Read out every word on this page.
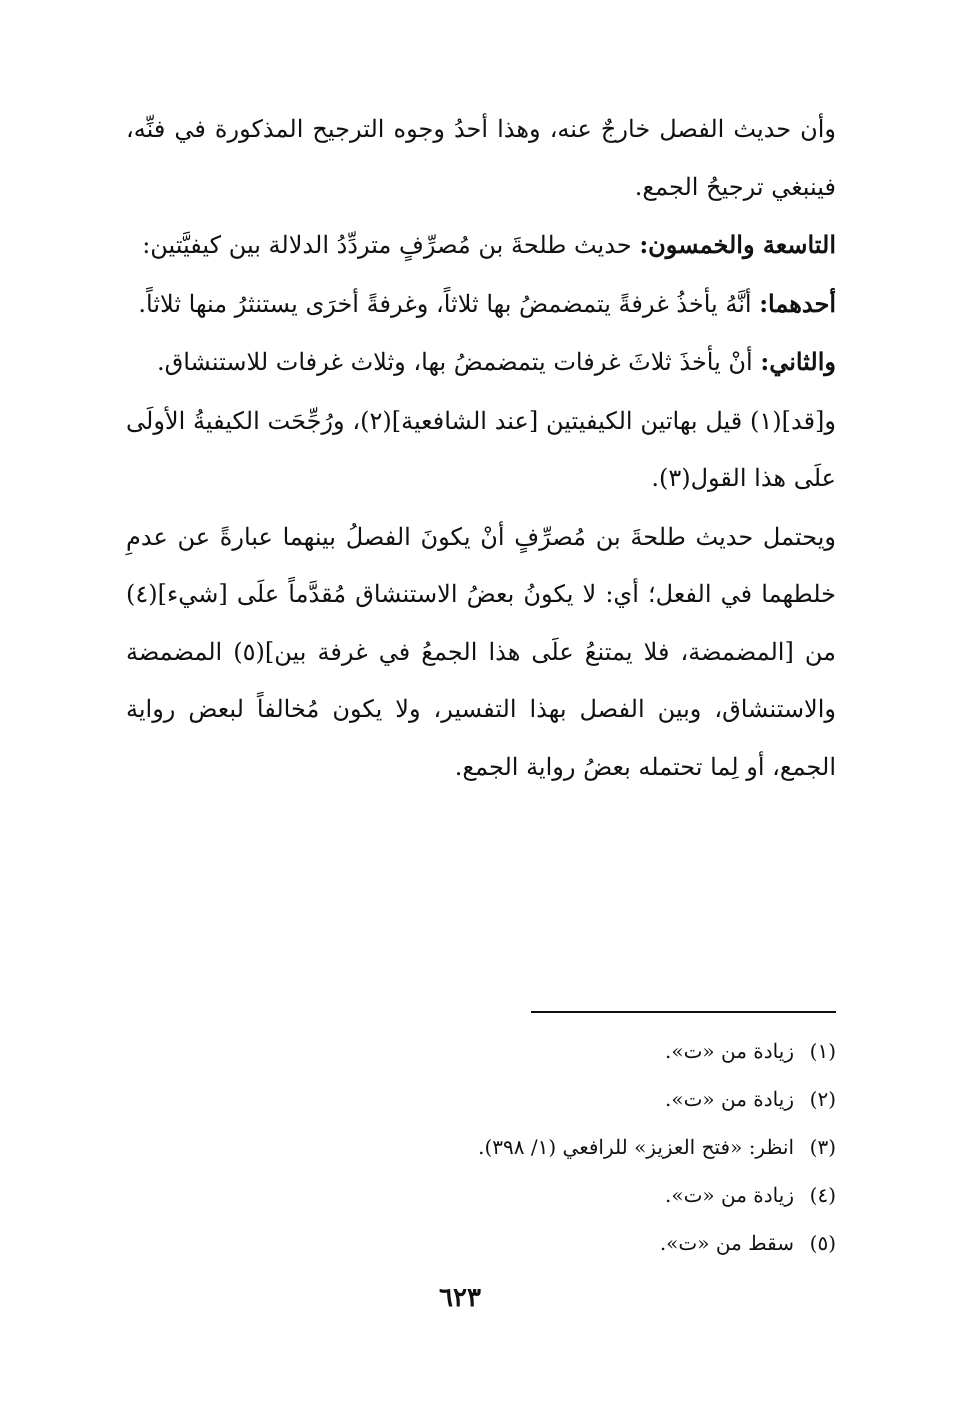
وأن حديث الفصل خارجٌ عنه، وهذا أحدُ وجوه الترجيح المذكورة في فنِّه، فينبغي ترجيحُ الجمع.

التاسعة والخمسون: حديث طلحةَ بن مُصرِّفٍ متردِّدُ الدلالة بين كيفيَّتين:

أحدهما: أنَّهُ يأخذُ غرفةً يتمضمضُ بها ثلاثاً، وغرفةً أخرَى يستنثرُ منها ثلاثاً.

والثاني: أنْ يأخذَ ثلاثَ غرفات يتمضمضُ بها، وثلاث غرفات للاستنشاق.

و[قد](١) قيل بهاتين الكيفيتين [عند الشافعية](٢)، ورُجِّحَت الكيفيةُ الأولَى علَى هذا القول(٣).

ويحتمل حديث طلحةَ بن مُصرِّفٍ أنْ يكونَ الفصلُ بينهما عبارةً عن عدمِ خلطهما في الفعل؛ أي: لا يكونُ بعضُ الاستنشاق مُقدَّماً علَى [شيء](٤) من [المضمضة، فلا يمتنعُ علَى هذا الجمعُ في غرفة بين](٥) المضمضة والاستنشاق، وبين الفصل بهذا التفسير، ولا يكون مُخالفاً لبعض رواية الجمع، أو لِما تحتمله بعضُ رواية الجمع.

(١)زيادة من «ت».
(٢)زيادة من «ت».
(٣)انظر: «فتح العزيز» للرافعي (١/ ٣٩٨).
(٤)زيادة من «ت».
(٥)سقط من «ت».
٦٢٣
